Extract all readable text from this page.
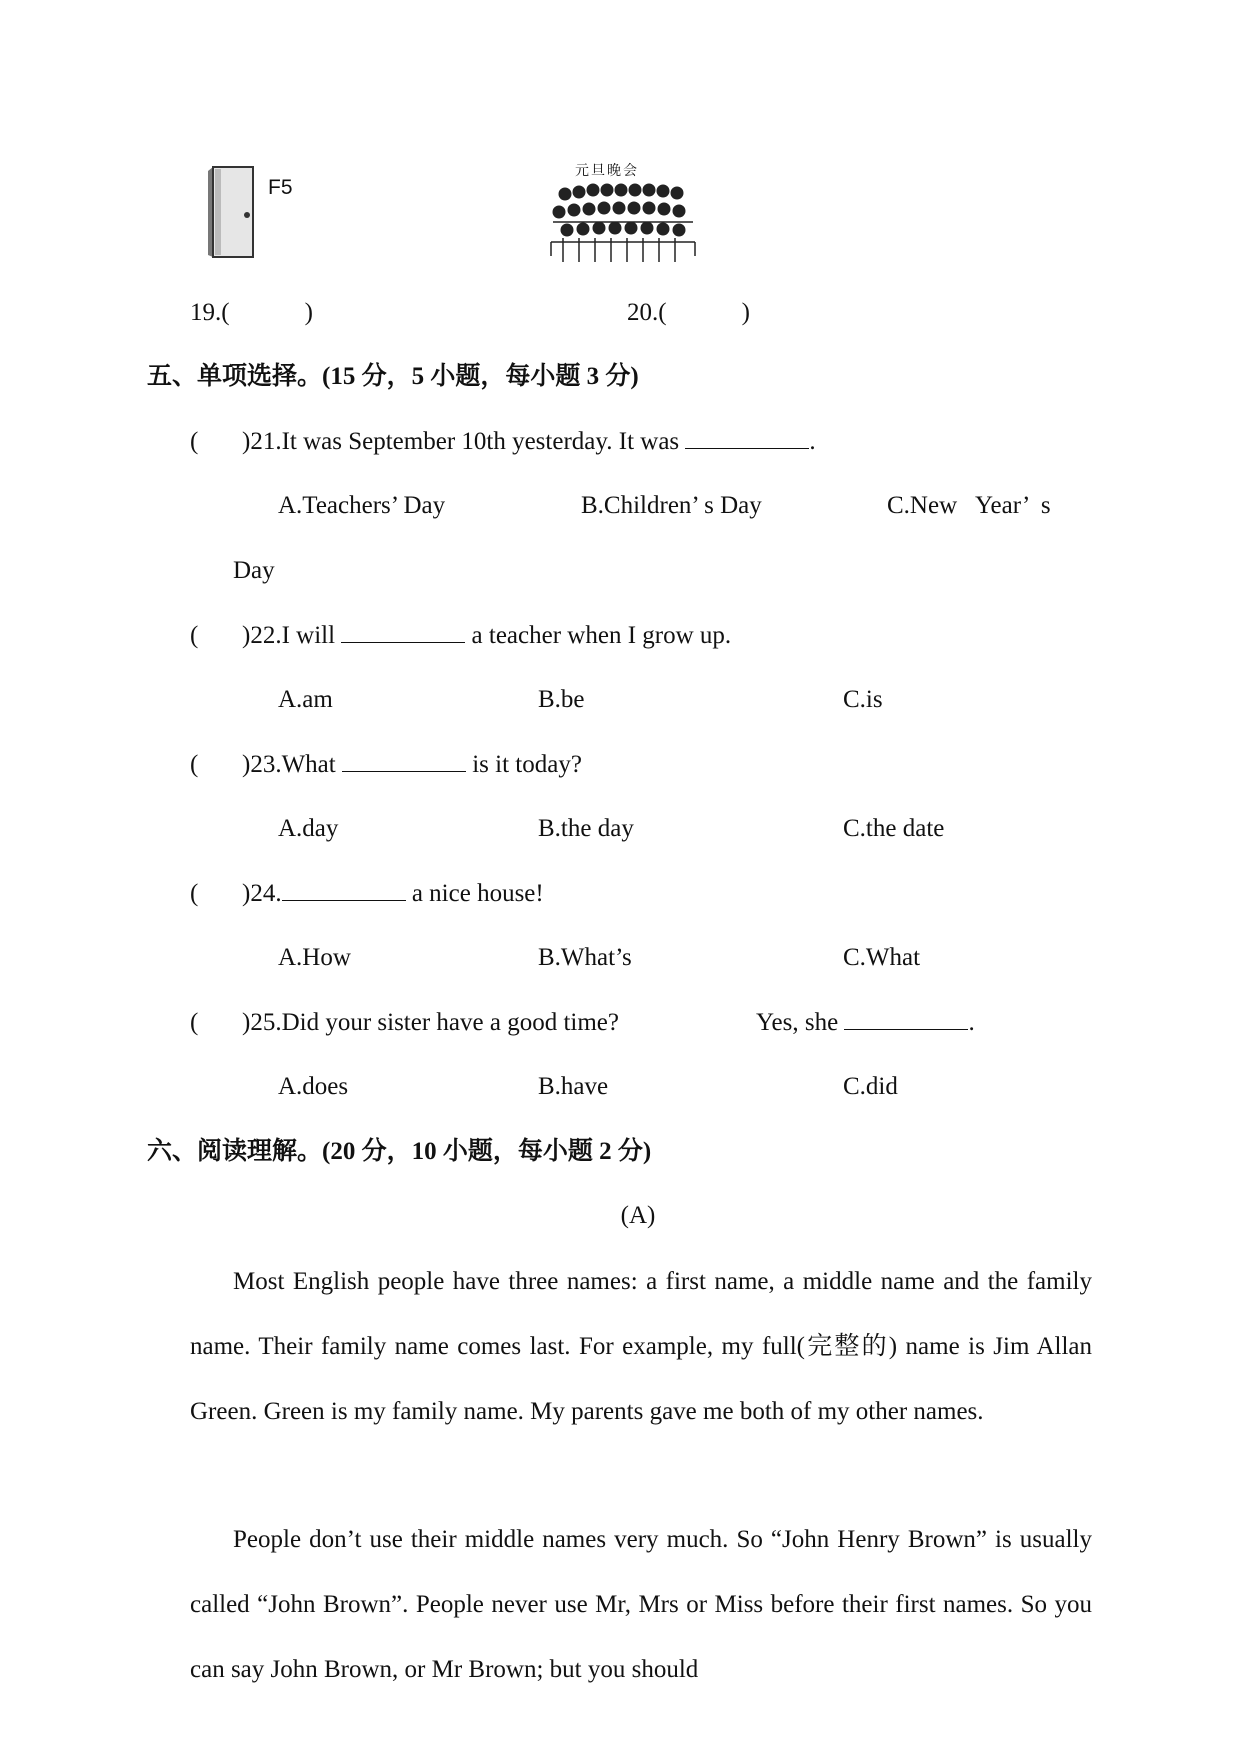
F5
元旦晚会
19.(　　　)	20.(　　　)
五、单项选择。(15 分，5 小题，每小题 3 分)
( )21.It was September 10th yesterday. It was	.
A.Teachers’ Day	B.Children’ s Day	C.New   Year’  s
Day
( )22.I will	a teacher when I grow up.
A.am	B.be	C.is
( )23.What	is it today?
A.day	B.the day	C.the date
( )24.	a nice house!
A.How	B.What’s	C.What
( )25.Did your sister have a good time?	Yes, she	.
A.does	B.have	C.did
六、阅读理解。(20 分，10 小题，每小题 2 分)
(A)
Most English people have three names: a first name, a middle name and the family name. Their family name comes last. For example, my full(完整的) name is Jim Allan Green. Green is my family name. My parents gave me both of my other names.
People don’t use their middle names very much. So “John Henry Brown” is usually called “John Brown”. People never use Mr, Mrs or Miss before their first names. So you can say John Brown, or Mr Brown; but you should
